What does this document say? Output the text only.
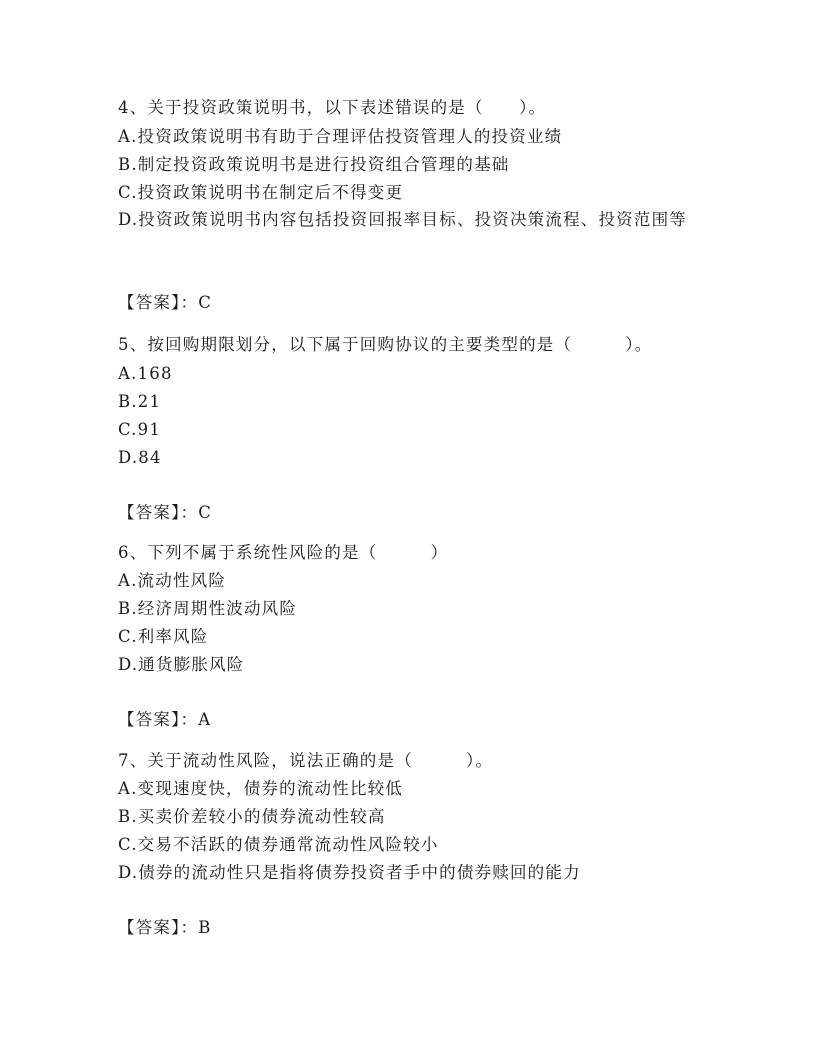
4、关于投资政策说明书，以下表述错误的是（　　）。
A.投资政策说明书有助于合理评估投资管理人的投资业绩
B.制定投资政策说明书是进行投资组合管理的基础
C.投资政策说明书在制定后不得变更
D.投资政策说明书内容包括投资回报率目标、投资决策流程、投资范围等
【答案】：C
5、按回购期限划分，以下属于回购协议的主要类型的是（　　　）。
A.168
B.21
C.91
D.84
【答案】：C
6、下列不属于系统性风险的是（　　　）
A.流动性风险
B.经济周期性波动风险
C.利率风险
D.通货膨胀风险
【答案】：A
7、关于流动性风险，说法正确的是（　　　）。
A.变现速度快，债券的流动性比较低
B.买卖价差较小的债券流动性较高
C.交易不活跃的债券通常流动性风险较小
D.债券的流动性只是指将债券投资者手中的债券赎回的能力
【答案】：B
